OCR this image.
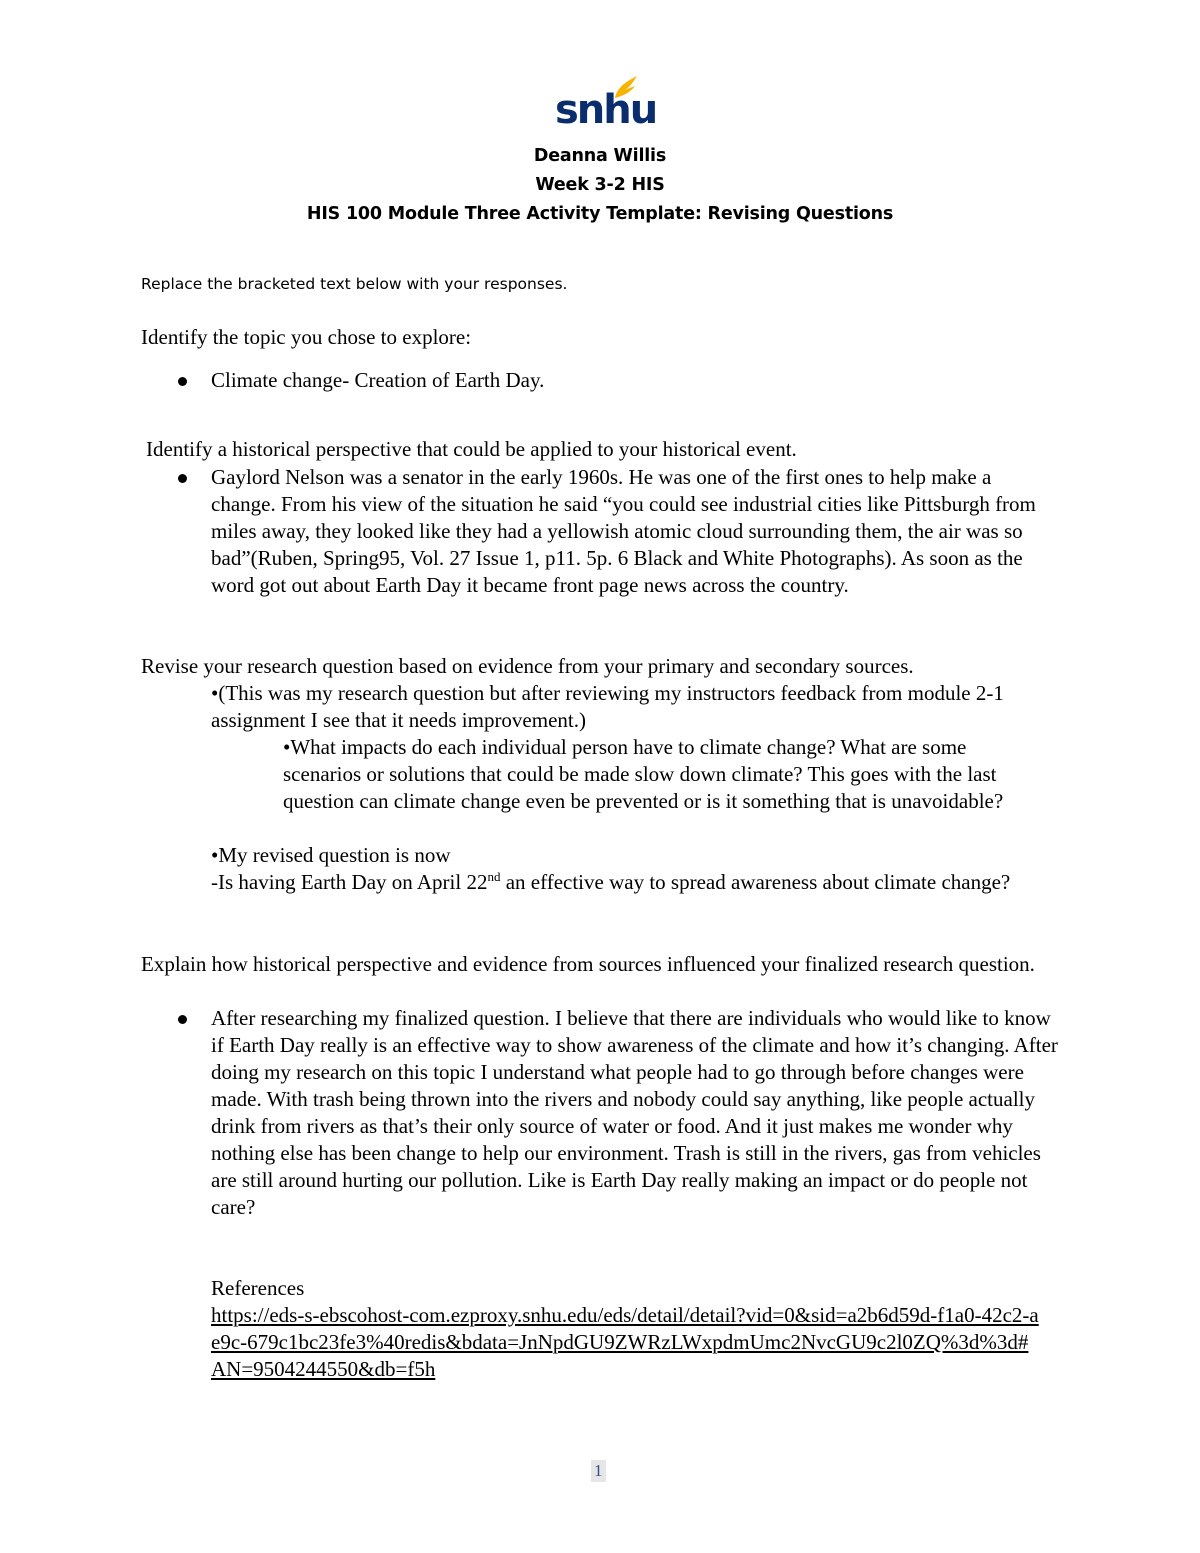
snhu
Deanna Willis
Week 3-2 HIS
HIS 100 Module Three Activity Template: Revising Questions
Replace the bracketed text below with your responses.
Identify the topic you chose to explore:
Climate change- Creation of Earth Day.
Identify a historical perspective that could be applied to your historical event.
Gaylord Nelson was a senator in the early 1960s. He was one of the first ones to help make a change. From his view of the situation he said “you could see industrial cities like Pittsburgh from miles away, they looked like they had a yellowish atomic cloud surrounding them, the air was so bad”(Ruben, Spring95, Vol. 27 Issue 1, p11. 5p. 6 Black and White Photographs). As soon as the word got out about Earth Day it became front page news across the country.
Revise your research question based on evidence from your primary and secondary sources.
•(This was my research question but after reviewing my instructors feedback from module 2-1 assignment I see that it needs improvement.)
•What impacts do each individual person have to climate change? What are some scenarios or solutions that could be made slow down climate? This goes with the last question can climate change even be prevented or is it something that is unavoidable?
•My revised question is now
-Is having Earth Day on April 22nd an effective way to spread awareness about climate change?
Explain how historical perspective and evidence from sources influenced your finalized research question.
After researching my finalized question. I believe that there are individuals who would like to know if Earth Day really is an effective way to show awareness of the climate and how it’s changing. After doing my research on this topic I understand what people had to go through before changes were made. With trash being thrown into the rivers and nobody could say anything, like people actually drink from rivers as that’s their only source of water or food. And it just makes me wonder why nothing else has been change to help our environment. Trash is still in the rivers, gas from vehicles are still around hurting our pollution. Like is Earth Day really making an impact or do people not care?
References
https://eds-s-ebscohost-com.ezproxy.snhu.edu/eds/detail/detail?vid=0&sid=a2b6d59d-f1a0-42c2-ae9c-679c1bc23fe3%40redis&bdata=JnNpdGU9ZWRzLWxpdmUmc2NvcGU9c2l0ZQ%3d%3d#AN=9504244550&db=f5h
1
